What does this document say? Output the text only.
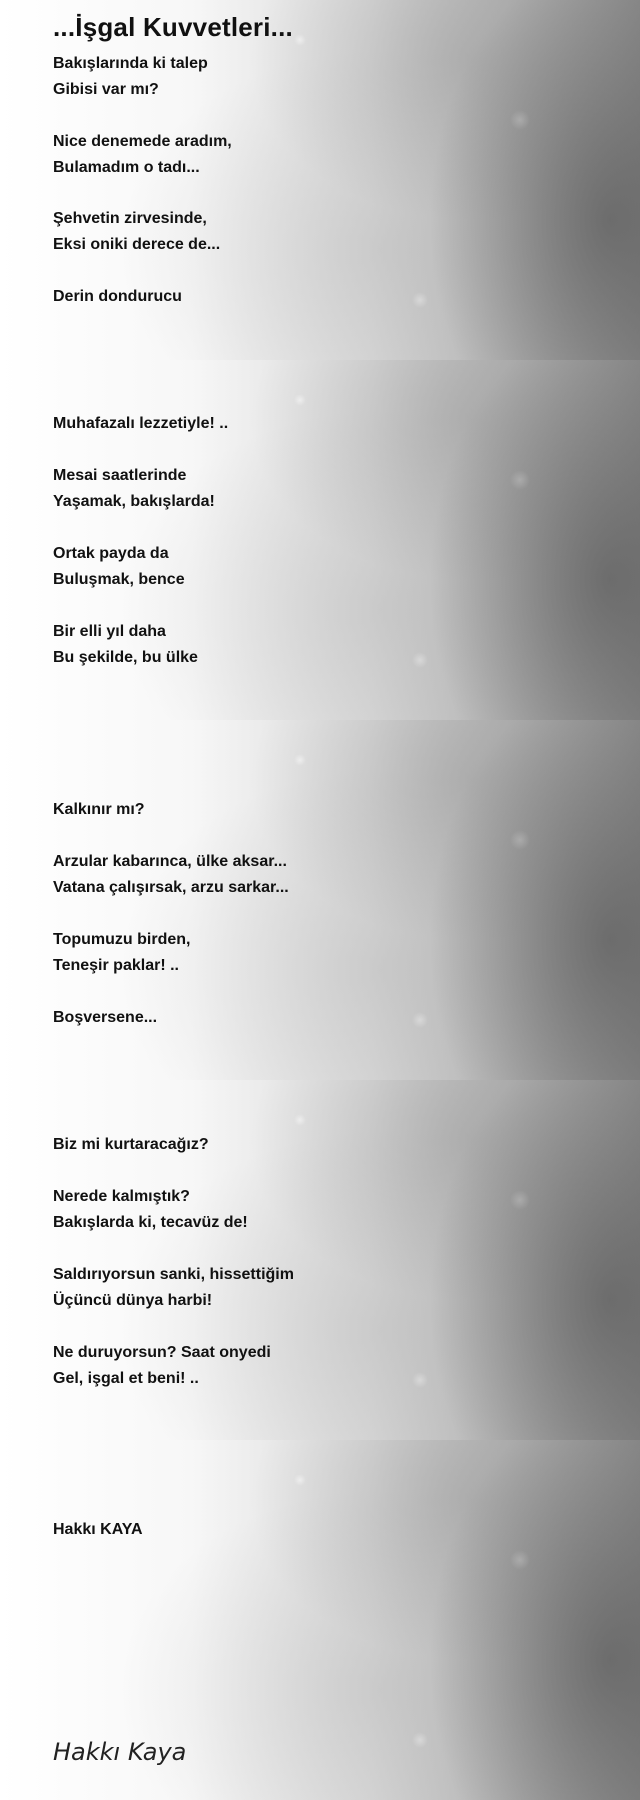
...İşgal Kuvvetleri...
Bakışlarında ki talep
Gibisi var mı?
Nice denemede aradım,
Bulamadım o tadı...
Şehvetin zirvesinde,
Eksi oniki derece de...
Derin dondurucu
Muhafazalı lezzetiyle! ..
Mesai saatlerinde
Yaşamak, bakışlarda!
Ortak payda da
Buluşmak, bence
Bir elli yıl daha
Bu şekilde, bu ülke
Kalkınır mı?
Arzular kabarınca, ülke aksar...
Vatana çalışırsak, arzu sarkar...
Topumuzu birden,
Teneşir paklar! ..
Boşversene...
Biz mi kurtaracağız?
Nerede kalmıştık?
Bakışlarda ki, tecavüz de!
Saldırıyorsun sanki, hissettiğim
Üçüncü dünya harbi!
Ne duruyorsun? Saat onyedi
Gel, işgal et beni! ..
Hakkı KAYA
Hakkı Kaya
